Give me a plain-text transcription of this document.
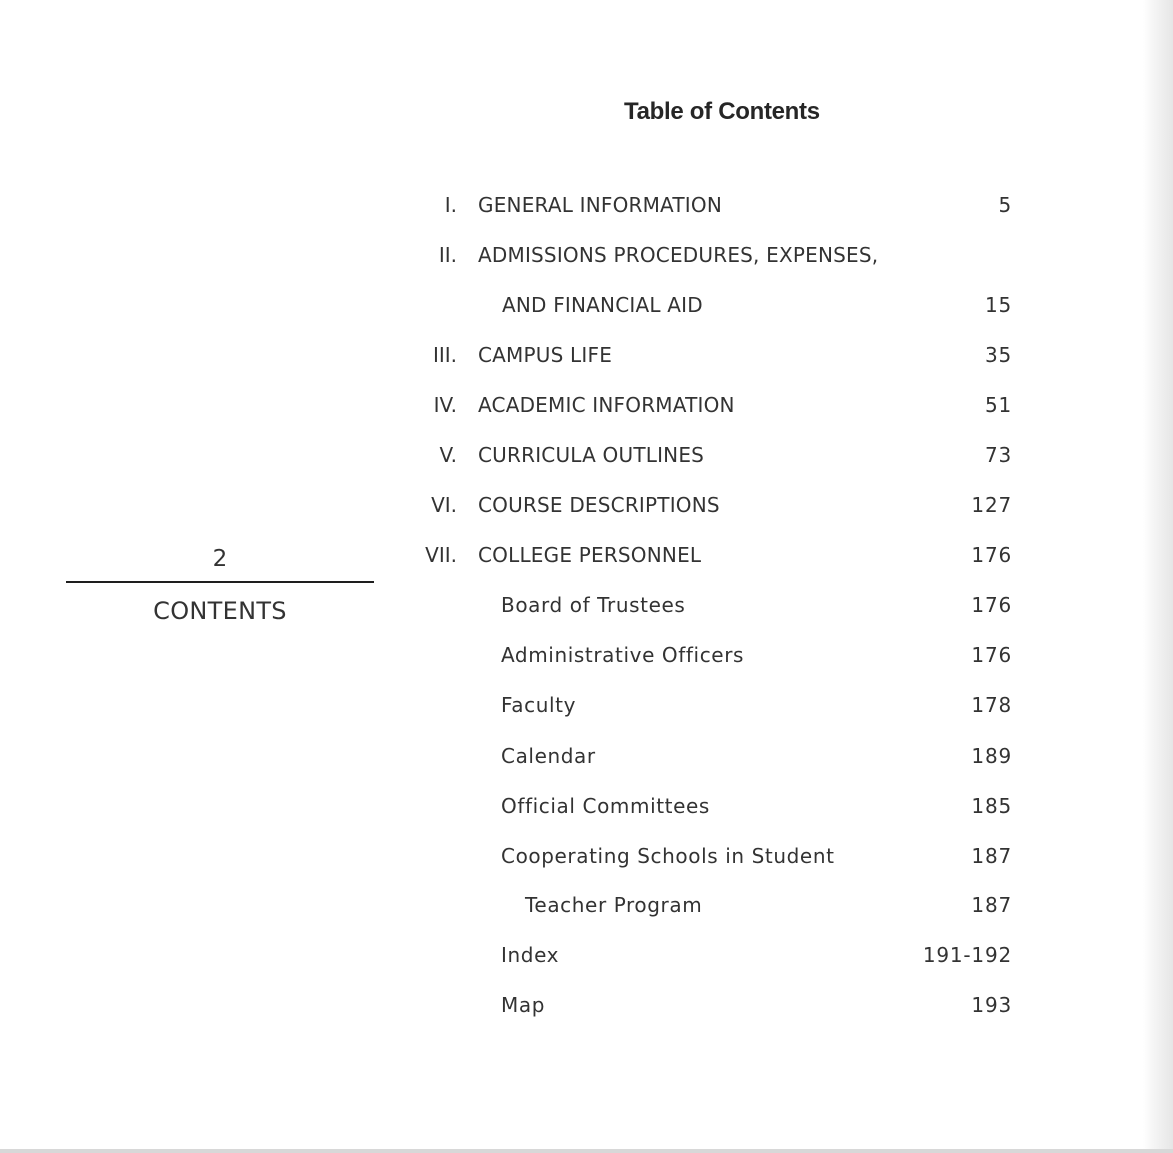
Table of Contents
2
CONTENTS
I. GENERAL INFORMATION	5
II. ADMISSIONS PROCEDURES, EXPENSES,
AND FINANCIAL AID	15
III. CAMPUS LIFE	35
IV. ACADEMIC INFORMATION	51
V. CURRICULA OUTLINES	73
VI. COURSE DESCRIPTIONS	127
VII. COLLEGE PERSONNEL	176
Board of Trustees	176
Administrative Officers	176
Faculty	178
Calendar	189
Official Committees	185
Cooperating Schools in Student	187
Teacher Program	187
Index	191-192
Map	193
